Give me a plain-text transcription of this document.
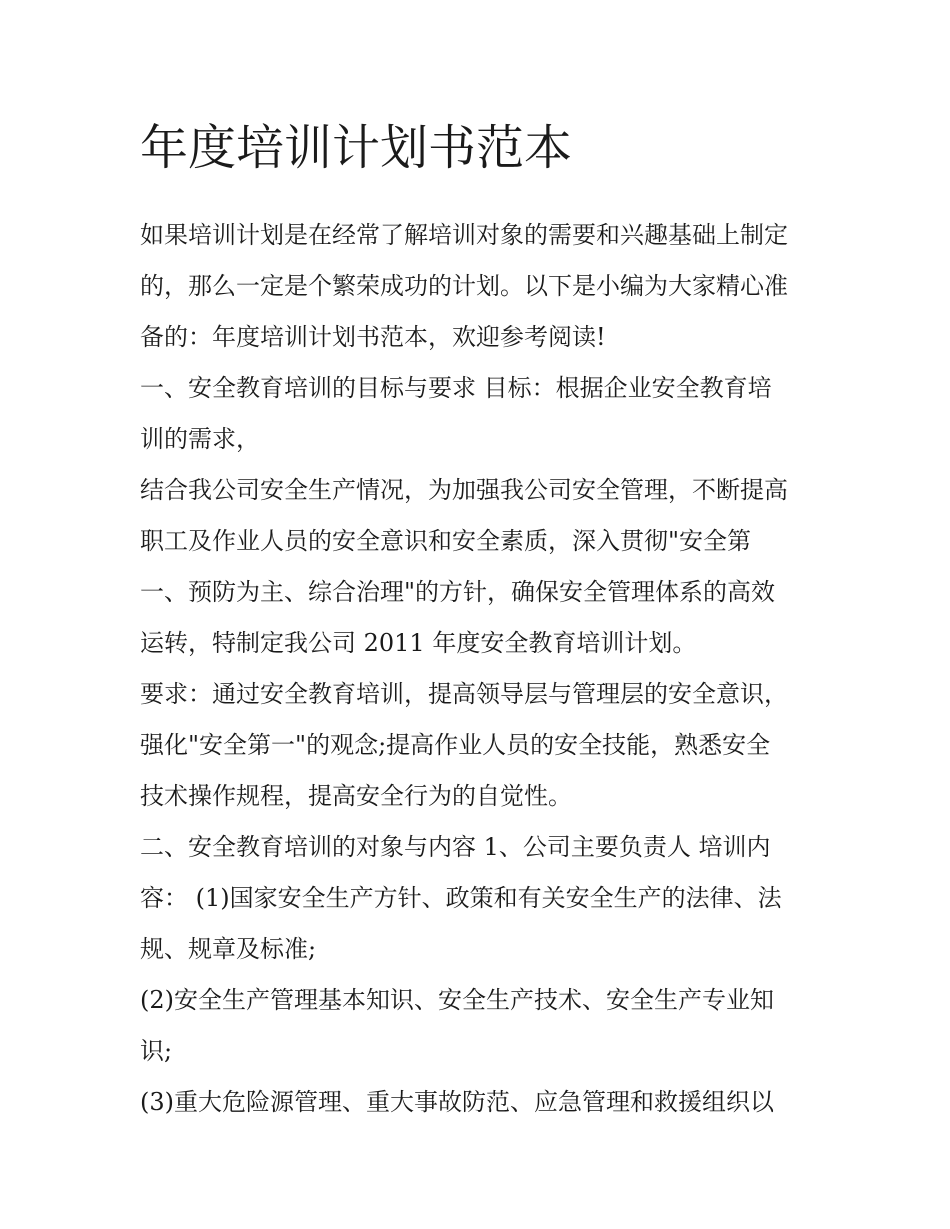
年度培训计划书范本

如果培训计划是在经常了解培训对象的需要和兴趣基础上制定
的，那么一定是个繁荣成功的计划。以下是小编为大家精心准
备的：年度培训计划书范本，欢迎参考阅读!

一、安全教育培训的目标与要求 目标：根据企业安全教育培
训的需求，

结合我公司安全生产情况，为加强我公司安全管理，不断提高
职工及作业人员的安全意识和安全素质，深入贯彻"安全第
一、预防为主、综合治理"的方针，确保安全管理体系的高效
运转，特制定我公司 2011 年度安全教育培训计划。

要求：通过安全教育培训，提高领导层与管理层的安全意识，
强化"安全第一"的观念;提高作业人员的安全技能，熟悉安全
技术操作规程，提高安全行为的自觉性。

二、安全教育培训的对象与内容 1、公司主要负责人 培训内
容： (1)国家安全生产方针、政策和有关安全生产的法律、法
规、规章及标准;

(2)安全生产管理基本知识、安全生产技术、安全生产专业知
识;

(3)重大危险源管理、重大事故防范、应急管理和救援组织以
